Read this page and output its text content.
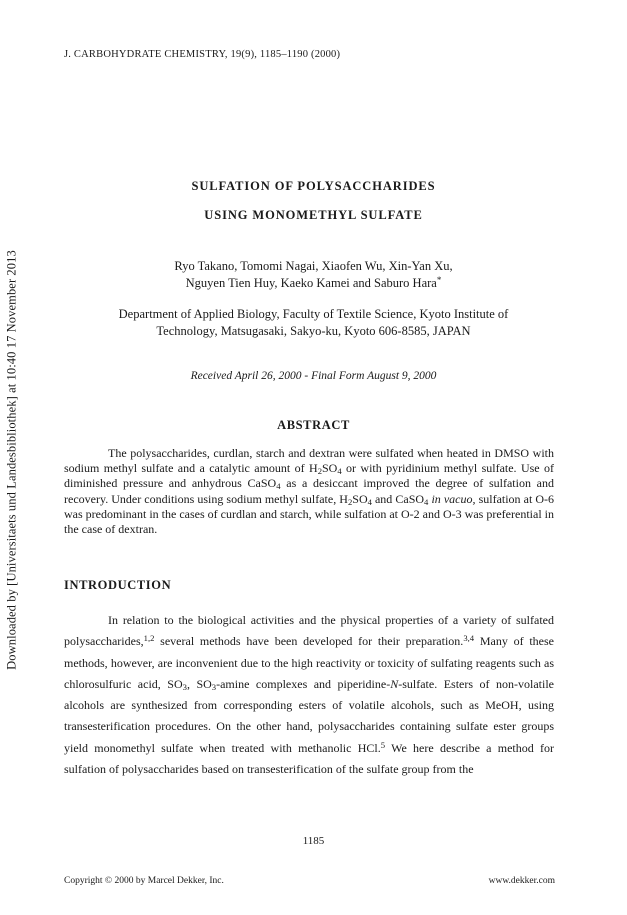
Downloaded by [Universitaets und Landesbibliothek] at 10:40 17 November 2013
J. CARBOHYDRATE CHEMISTRY, 19(9), 1185–1190 (2000)
SULFATION OF POLYSACCHARIDES
USING MONOMETHYL SULFATE
Ryo Takano, Tomomi Nagai, Xiaofen Wu, Xin-Yan Xu,
Nguyen Tien Huy, Kaeko Kamei and Saburo Hara*
Department of Applied Biology, Faculty of Textile Science, Kyoto Institute of
Technology, Matsugasaki, Sakyo-ku, Kyoto 606-8585, JAPAN
Received April 26, 2000 - Final Form August 9, 2000
ABSTRACT

The polysaccharides, curdlan, starch and dextran were sulfated when heated in DMSO with sodium methyl sulfate and a catalytic amount of $H_2SO_4$ or with pyridinium methyl sulfate. Use of diminished pressure and anhydrous CaSO$_4$ as a desiccant improved the degree of sulfation and recovery. Under conditions using sodium methyl sulfate, $H_2SO_4$ and CaSO$_4$ in vacuo, sulfation at O-6 was predominant in the cases of curdlan and starch, while sulfation at O-2 and O-3 was preferential in the case of dextran.

INTRODUCTION

In relation to the biological activities and the physical properties of a variety of sulfated polysaccharides,$^{1,2}$ several methods have been developed for their preparation.$^{3,4}$ Many of these methods, however, are inconvenient due to the high reactivity or toxicity of sulfating reagents such as chlorosulfuric acid, $SO_3$, $SO_3$-amine complexes and piperidine-N-sulfate. Esters of non-volatile alcohols are synthesized from corresponding esters of volatile alcohols, such as MeOH, using transesterification procedures. On the other hand, polysaccharides containing sulfate ester groups yield monomethyl sulfate when treated with methanolic HCl.$^5$ We here describe a method for sulfation of polysaccharides based on transesterification of the sulfate group from the

1185
Copyright © 2000 by Marcel Dekker, Inc.	www.dekker.com
